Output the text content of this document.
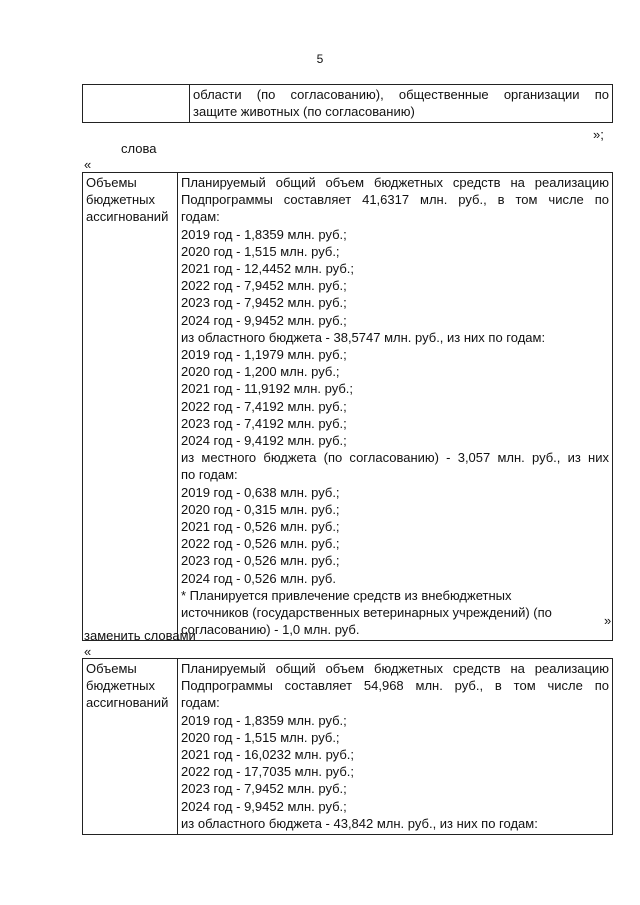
5

области (по согласованию), общественные организации по
защите животных (по согласованию)
»;
слова
«
Объемы
бюджетных
ассигнований

Планируемый общий объем бюджетных средств на реализацию
Подпрограммы составляет 41,6317 млн. руб., в том числе по
годам:
2019 год - 1,8359 млн. руб.;
2020 год - 1,515 млн. руб.;
2021 год - 12,4452 млн. руб.;
2022 год - 7,9452 млн. руб.;
2023 год - 7,9452 млн. руб.;
2024 год - 9,9452 млн. руб.;
из областного бюджета - 38,5747 млн. руб., из них по годам:
2019 год - 1,1979 млн. руб.;
2020 год - 1,200 млн. руб.;
2021 год - 11,9192 млн. руб.;
2022 год - 7,4192 млн. руб.;
2023 год - 7,4192 млн. руб.;
2024 год - 9,4192 млн. руб.;
из местного бюджета (по согласованию) - 3,057 млн. руб., из них
по годам:
2019 год - 0,638 млн. руб.;
2020 год - 0,315 млн. руб.;
2021 год - 0,526 млн. руб.;
2022 год - 0,526 млн. руб.;
2023 год - 0,526 млн. руб.;
2024 год - 0,526 млн. руб.
* Планируется привлечение средств из внебюджетных
источников (государственных ветеринарных учреждений) (по
согласованию) - 1,0 млн. руб.
»
заменить словами
«
Объемы
бюджетных
ассигнований

Планируемый общий объем бюджетных средств на реализацию
Подпрограммы составляет 54,968 млн. руб., в том числе по
годам:
2019 год - 1,8359 млн. руб.;
2020 год - 1,515 млн. руб.;
2021 год - 16,0232 млн. руб.;
2022 год - 17,7035 млн. руб.;
2023 год - 7,9452 млн. руб.;
2024 год - 9,9452 млн. руб.;
из областного бюджета - 43,842 млн. руб., из них по годам:
